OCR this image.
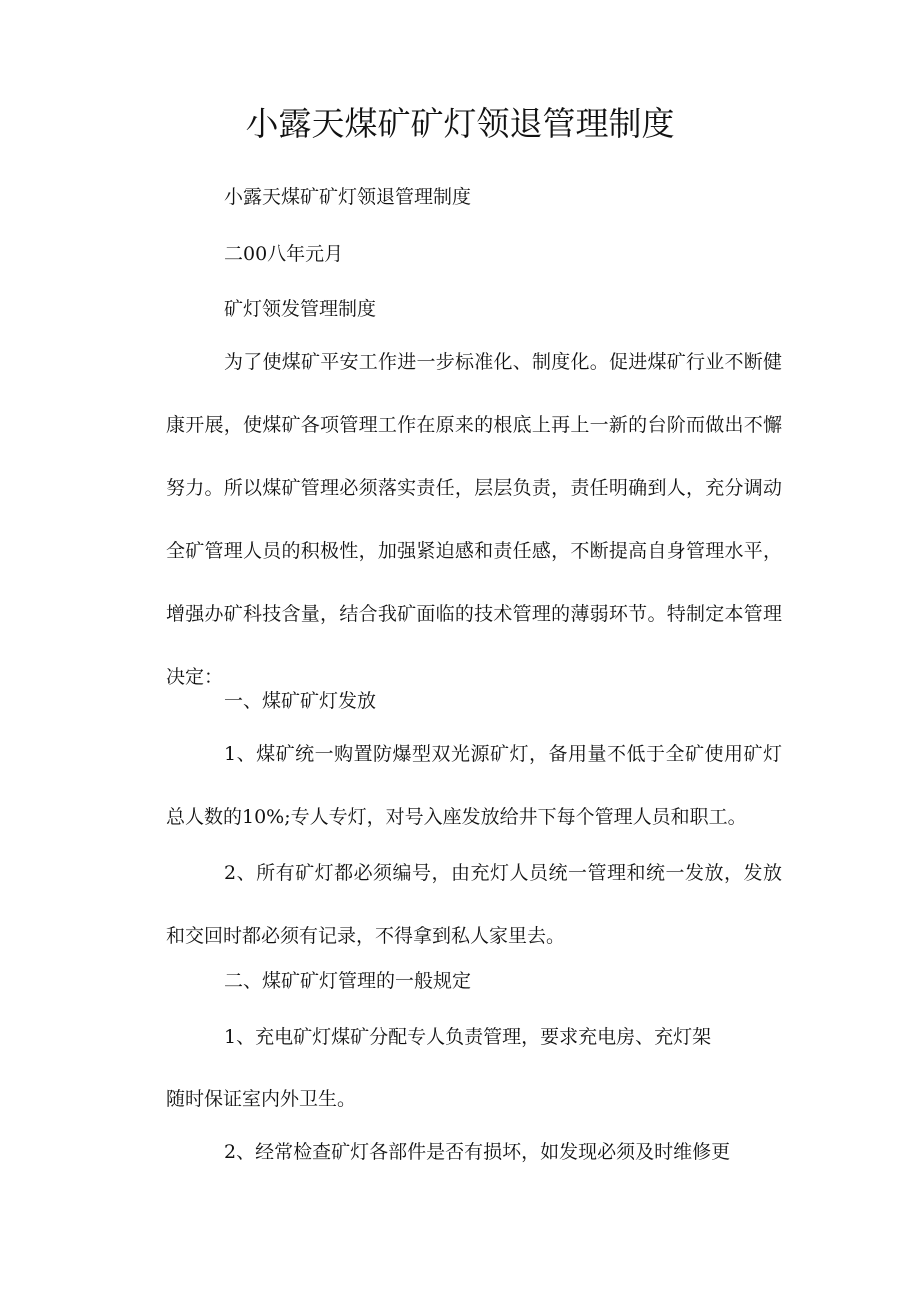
小露天煤矿矿灯领退管理制度
小露天煤矿矿灯领退管理制度
二00八年元月
矿灯领发管理制度

为了使煤矿平安工作进一步标准化、制度化。促进煤矿行业不断健康开展，使煤矿各项管理工作在原来的根底上再上一新的台阶而做出不懈努力。所以煤矿管理必须落实责任，层层负责，责任明确到人，充分调动全矿管理人员的积极性，加强紧迫感和责任感，不断提高自身管理水平，增强办矿科技含量，结合我矿面临的技术管理的薄弱环节。特制定本管理决定：

一、煤矿矿灯发放

1、煤矿统一购置防爆型双光源矿灯，备用量不低于全矿使用矿灯总人数的10%;专人专灯，对号入座发放给井下每个管理人员和职工。

2、所有矿灯都必须编号，由充灯人员统一管理和统一发放，发放和交回时都必须有记录，不得拿到私人家里去。

二、煤矿矿灯管理的一般规定
1、充电矿灯煤矿分配专人负责管理，要求充电房、充灯架
随时保证室内外卫生。
2、经常检查矿灯各部件是否有损坏，如发现必须及时维修更
